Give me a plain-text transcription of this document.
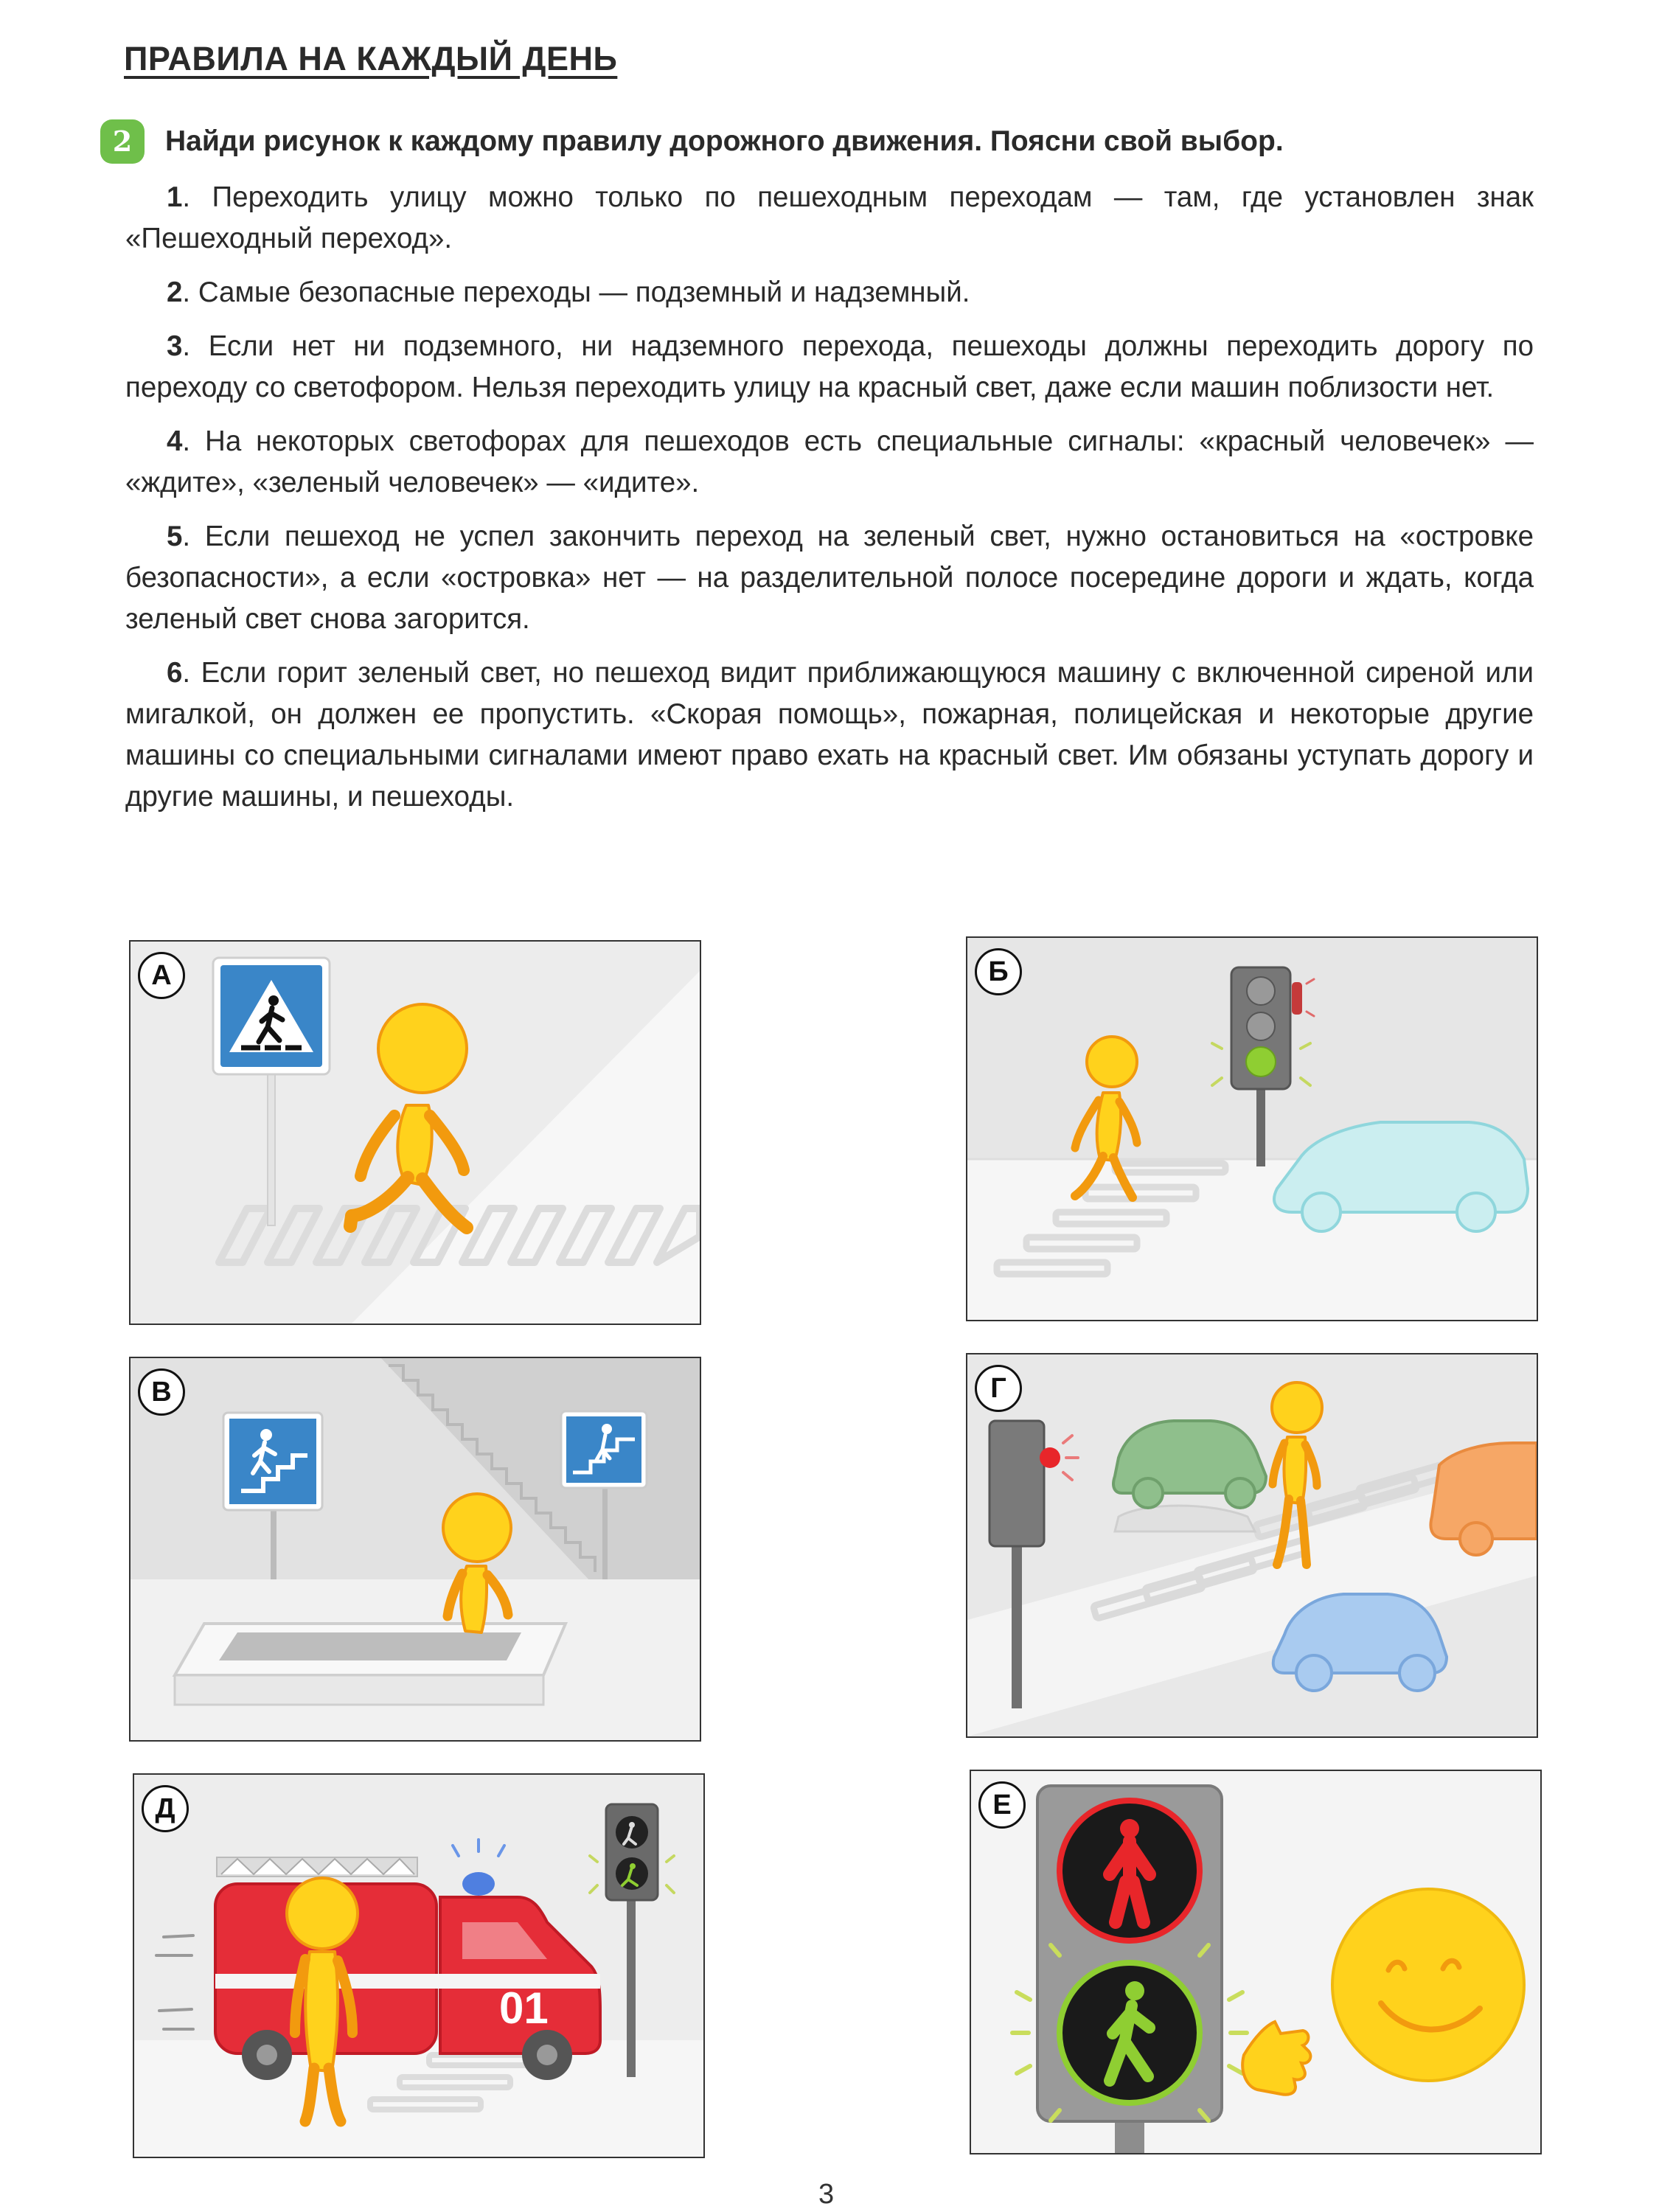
ПРАВИЛА НА КАЖДЫЙ ДЕНЬ
2	Найди рисунок к каждому правилу дорожного движения. Поясни свой выбор.

1. Переходить улицу можно только по пешеходным переходам — там, где установлен знак «Пешеходный переход».

2. Самые безопасные переходы — подземный и надземный.

3. Если нет ни подземного, ни надземного перехода, пешеходы должны переходить дорогу по переходу со светофором. Нельзя переходить улицу на красный свет, даже если машин поблизости нет.

4. На некоторых светофорах для пешеходов есть специальные сигналы: «красный человечек» — «ждите», «зеленый человечек» — «идите».

5. Если пешеход не успел закончить переход на зеленый свет, нужно остановиться на «островке безопасности», а если «островка» нет — на разделительной полосе посередине дороги и ждать, когда зеленый свет снова загорится.

6. Если горит зеленый свет, но пешеход видит приближающуюся машину с включенной сиреной или мигалкой, он должен ее пропустить. «Скорая помощь», пожарная, полицейская и некоторые другие машины со специальными сигналами имеют право ехать на красный свет. Им обязаны уступать дорогу и другие машины, и пешеходы.

А	Б
В	Г
01
Д	Е
3
